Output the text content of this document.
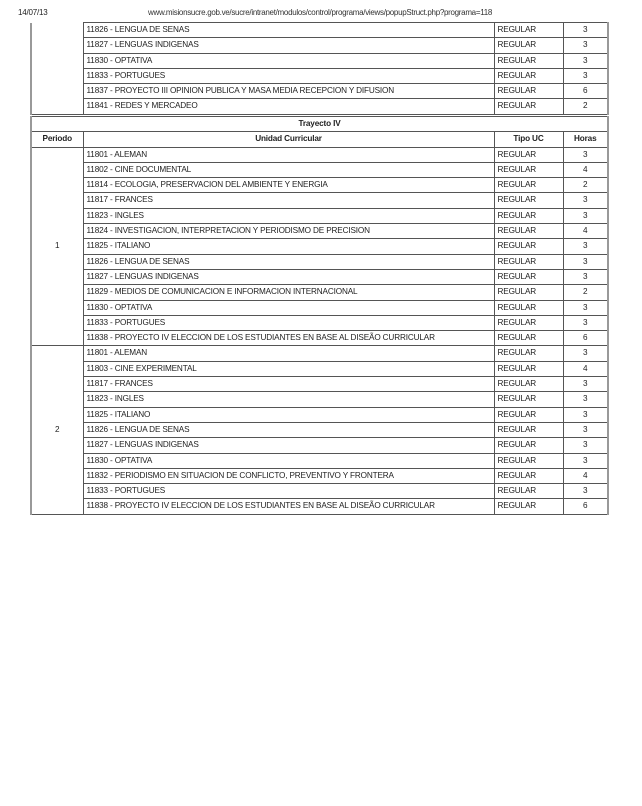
14/07/13	www.misionsucre.gob.ve/sucre/intranet/modulos/control/programa/views/popupStruct.php?programa=118
	11826 - LENGUA DE SENAS	REGULAR	3
	11827 - LENGUAS INDIGENAS	REGULAR	3
	11830 - OPTATIVA	REGULAR	3
	11833 - PORTUGUES	REGULAR	3
	11837 - PROYECTO III OPINION PUBLICA Y MASA MEDIA RECEPCION Y DIFUSION	REGULAR	6
	11841 - REDES Y MERCADEO	REGULAR	2
Trayecto IV			
Periodo	Unidad Curricular	Tipo UC	Horas
1	11801 - ALEMAN	REGULAR	3
	11802 - CINE DOCUMENTAL	REGULAR	4
	11814 - ECOLOGIA, PRESERVACION DEL AMBIENTE Y ENERGIA	REGULAR	2
	11817 - FRANCES	REGULAR	3
	11823 - INGLES	REGULAR	3
	11824 - INVESTIGACION, INTERPRETACION Y PERIODISMO DE PRECISION	REGULAR	4
	11825 - ITALIANO	REGULAR	3
	11826 - LENGUA DE SENAS	REGULAR	3
	11827 - LENGUAS INDIGENAS	REGULAR	3
	11829 - MEDIOS DE COMUNICACION E INFORMACION INTERNACIONAL	REGULAR	2
	11830 - OPTATIVA	REGULAR	3
	11833 - PORTUGUES	REGULAR	3
	11838 - PROYECTO IV ELECCION DE LOS ESTUDIANTES EN BASE AL DISEÃO CURRICULAR	REGULAR	6
2	11801 - ALEMAN	REGULAR	3
	11803 - CINE EXPERIMENTAL	REGULAR	4
	11817 - FRANCES	REGULAR	3
	11823 - INGLES	REGULAR	3
	11825 - ITALIANO	REGULAR	3
	11826 - LENGUA DE SENAS	REGULAR	3
	11827 - LENGUAS INDIGENAS	REGULAR	3
	11830 - OPTATIVA	REGULAR	3
	11832 - PERIODISMO EN SITUACION DE CONFLICTO, PREVENTIVO Y FRONTERA	REGULAR	4
	11833 - PORTUGUES	REGULAR	3
	11838 - PROYECTO IV ELECCION DE LOS ESTUDIANTES EN BASE AL DISEÃO CURRICULAR	REGULAR	6
